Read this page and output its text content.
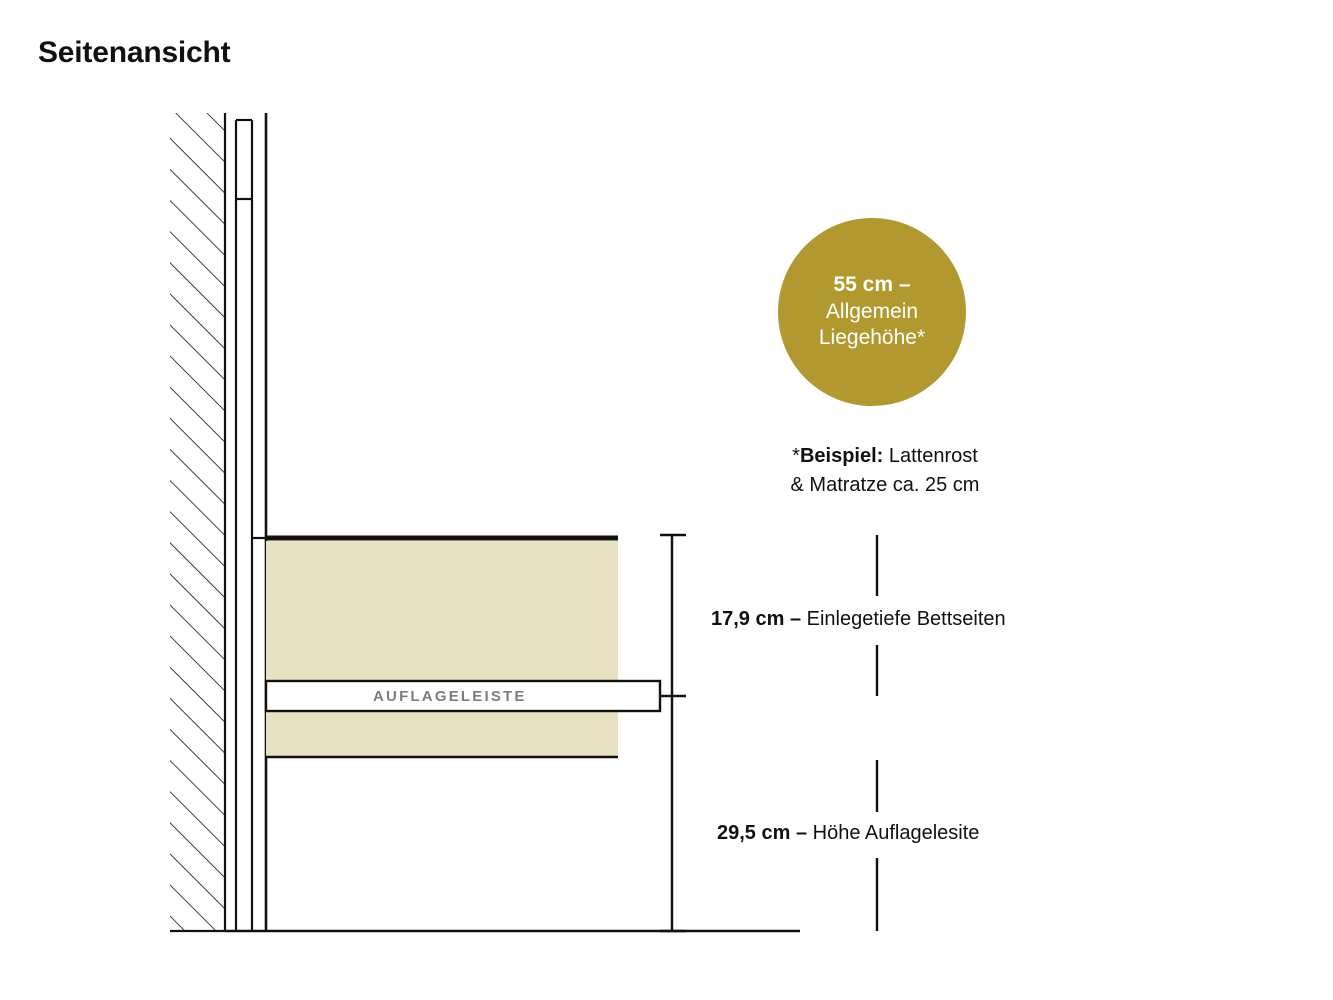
Seitenansicht
55 cm –
Allgemein
Liegehöhe*
*Beispiel: Lattenrost
& Matratze ca. 25 cm
17,9 cm – Einlegetiefe Bettseiten
29,5 cm – Höhe Auflagelesite
AUFLAGELEISTE
